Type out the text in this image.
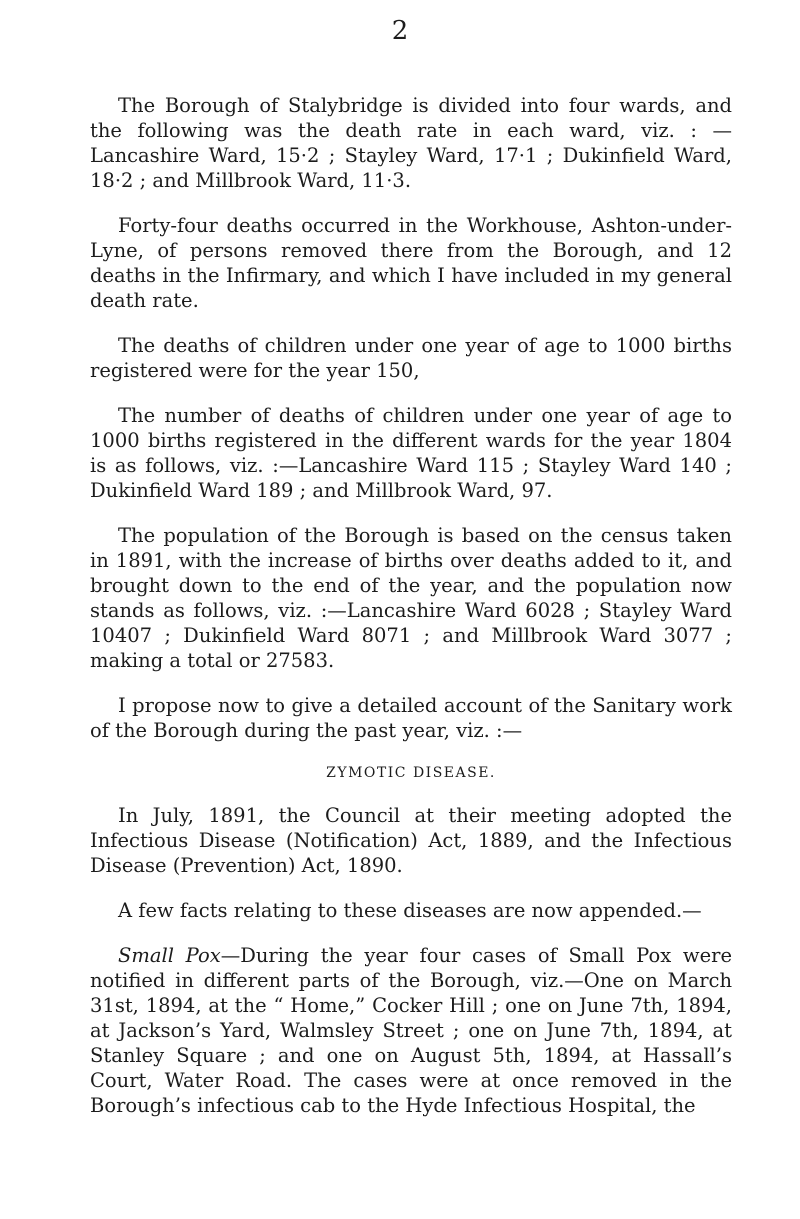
2

The Borough of Stalybridge is divided into four wards, and the following was the death rate in each ward, viz. : — Lancashire Ward, 15·2 ; Stayley Ward, 17·1 ; Dukinfield Ward, 18·2 ; and Millbrook Ward, 11·3.

Forty-four deaths occurred in the Workhouse, Ashton-under-Lyne, of persons removed there from the Borough, and 12 deaths in the Infirmary, and which I have included in my general death rate.

The deaths of children under one year of age to 1000 births registered were for the year 150,

The number of deaths of children under one year of age to 1000 births registered in the different wards for the year 1804 is as follows, viz. :—Lancashire Ward 115 ; Stayley Ward 140 ; Dukinfield Ward 189 ; and Millbrook Ward, 97.

The population of the Borough is based on the census taken in 1891, with the increase of births over deaths added to it, and brought down to the end of the year, and the population now stands as follows, viz. :—Lancashire Ward 6028 ; Stayley Ward 10407 ; Dukinfield Ward 8071 ; and Millbrook Ward 3077 ; making a total or 27583.

I propose now to give a detailed account of the Sanitary work of the Borough during the past year, viz. :—

ZYMOTIC DISEASE.

In July, 1891, the Council at their meeting adopted the Infectious Disease (Notification) Act, 1889, and the Infectious Disease (Prevention) Act, 1890.

A few facts relating to these diseases are now appended.—

Small Pox—During the year four cases of Small Pox were notified in different parts of the Borough, viz.—One on March 31st, 1894, at the “ Home,” Cocker Hill ; one on June 7th, 1894, at Jackson’s Yard, Walmsley Street ; one on June 7th, 1894, at Stanley Square ; and one on August 5th, 1894, at Hassall’s Court, Water Road. The cases were at once removed in the Borough’s infectious cab to the Hyde Infectious Hospital, the
